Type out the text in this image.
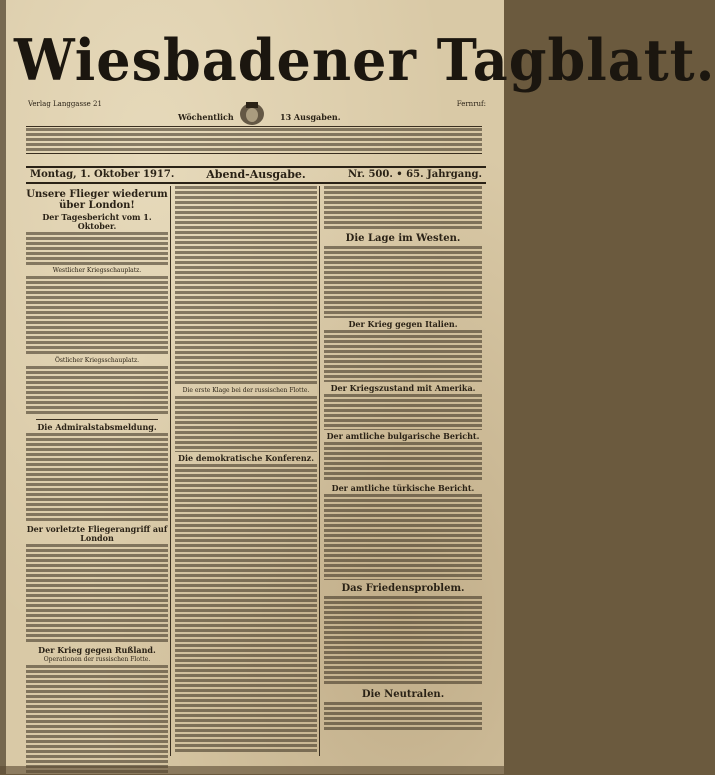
Wiesbadener Tagblatt.
Verlag Langgasse 21
Wöchentlich	13 Ausgaben.
Fernruf:
Montag, 1. Oktober 1917.	Abend-Ausgabe.	Nr. 500. • 65. Jahrgang.
Unsere Flieger wiederum über London!
Der Tagesbericht vom 1. Oktober.
Westlicher Kriegsschauplatz.
Östlicher Kriegsschauplatz.
Die Admiralstabsmeldung.
Der vorletzte Fliegerangriff auf London
Der Krieg gegen Rußland.
Operationen der russischen Flotte.
Die erste Klage bei der russischen Flotte.
Die demokratische Konferenz.
Die Lage im Westen.
Der Krieg gegen Italien.
Der Kriegszustand mit Amerika.
Der amtliche bulgarische Bericht.
Der amtliche türkische Bericht.
Das Friedensproblem.
Die Neutralen.
